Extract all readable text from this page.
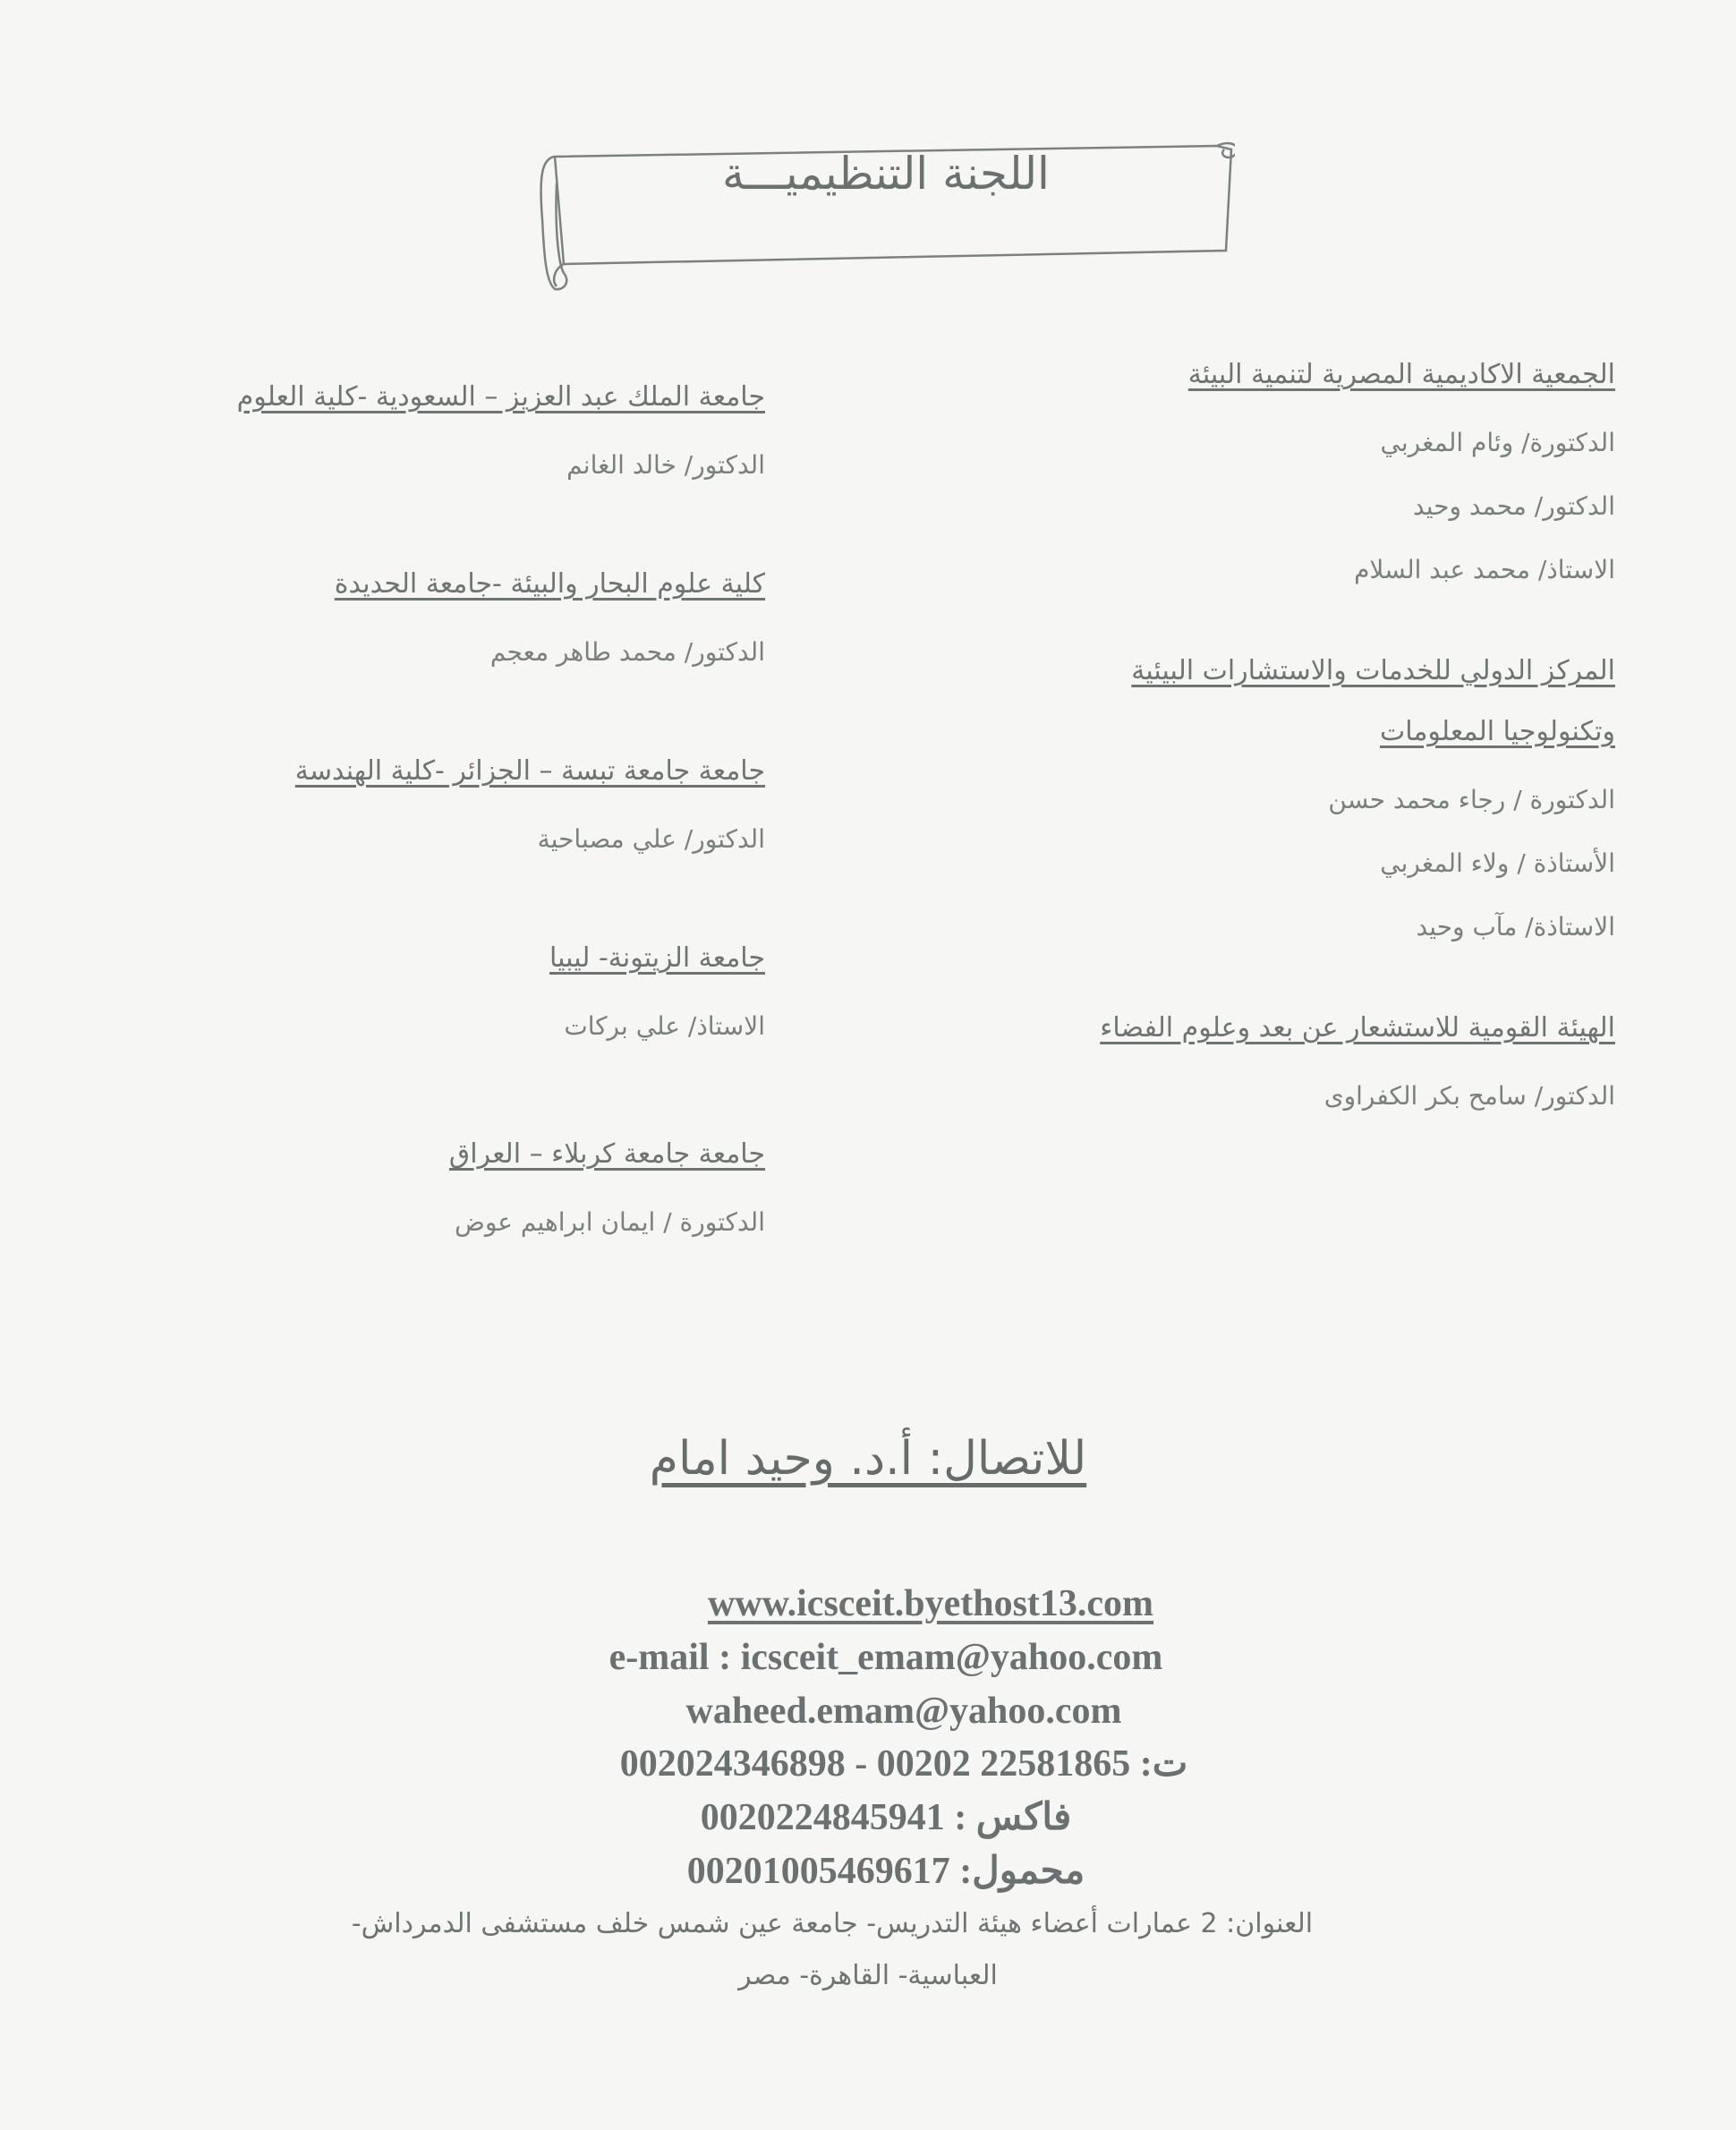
اللجنة التنظيميـــة
الجمعية الاكاديمية المصرية لتنمية البيئة
الدكتورة/ وئام المغربي
الدكتور/ محمد وحيد
الاستاذ/ محمد عبد السلام
المركز الدولي للخدمات والاستشارات البيئية
وتكنولوجيا المعلومات
الدكتورة / رجاء محمد حسن
الأستاذة / ولاء المغربي
الاستاذة/ مآب وحيد
الهيئة القومية للاستشعار عن بعد وعلوم الفضاء
الدكتور/ سامح بكر الكفراوى
جامعة الملك عبد العزيز – السعودية -كلية العلوم
الدكتور/ خالد الغانم
كلية علوم البحار والبيئة -جامعة الحديدة
الدكتور/ محمد طاهر معجم
جامعة جامعة تبسة – الجزائر -كلية الهندسة
الدكتور/ علي مصباحية
جامعة الزيتونة- ليبيا
الاستاذ/ علي بركات
جامعة جامعة كربلاء – العراق
الدكتورة / ايمان ابراهيم عوض
للاتصال: أ.د. وحيد امام
www.icsceit.byethost13.com
e-mail : icsceit_emam@yahoo.com
waheed.emam@yahoo.com
ت: 002024346898 - 00202 22581865
فاكس : 0020224845941
محمول: 00201005469617
العنوان: 2 عمارات أعضاء هيئة التدريس- جامعة عين شمس خلف مستشفى الدمرداش-
العباسية- القاهرة- مصر
